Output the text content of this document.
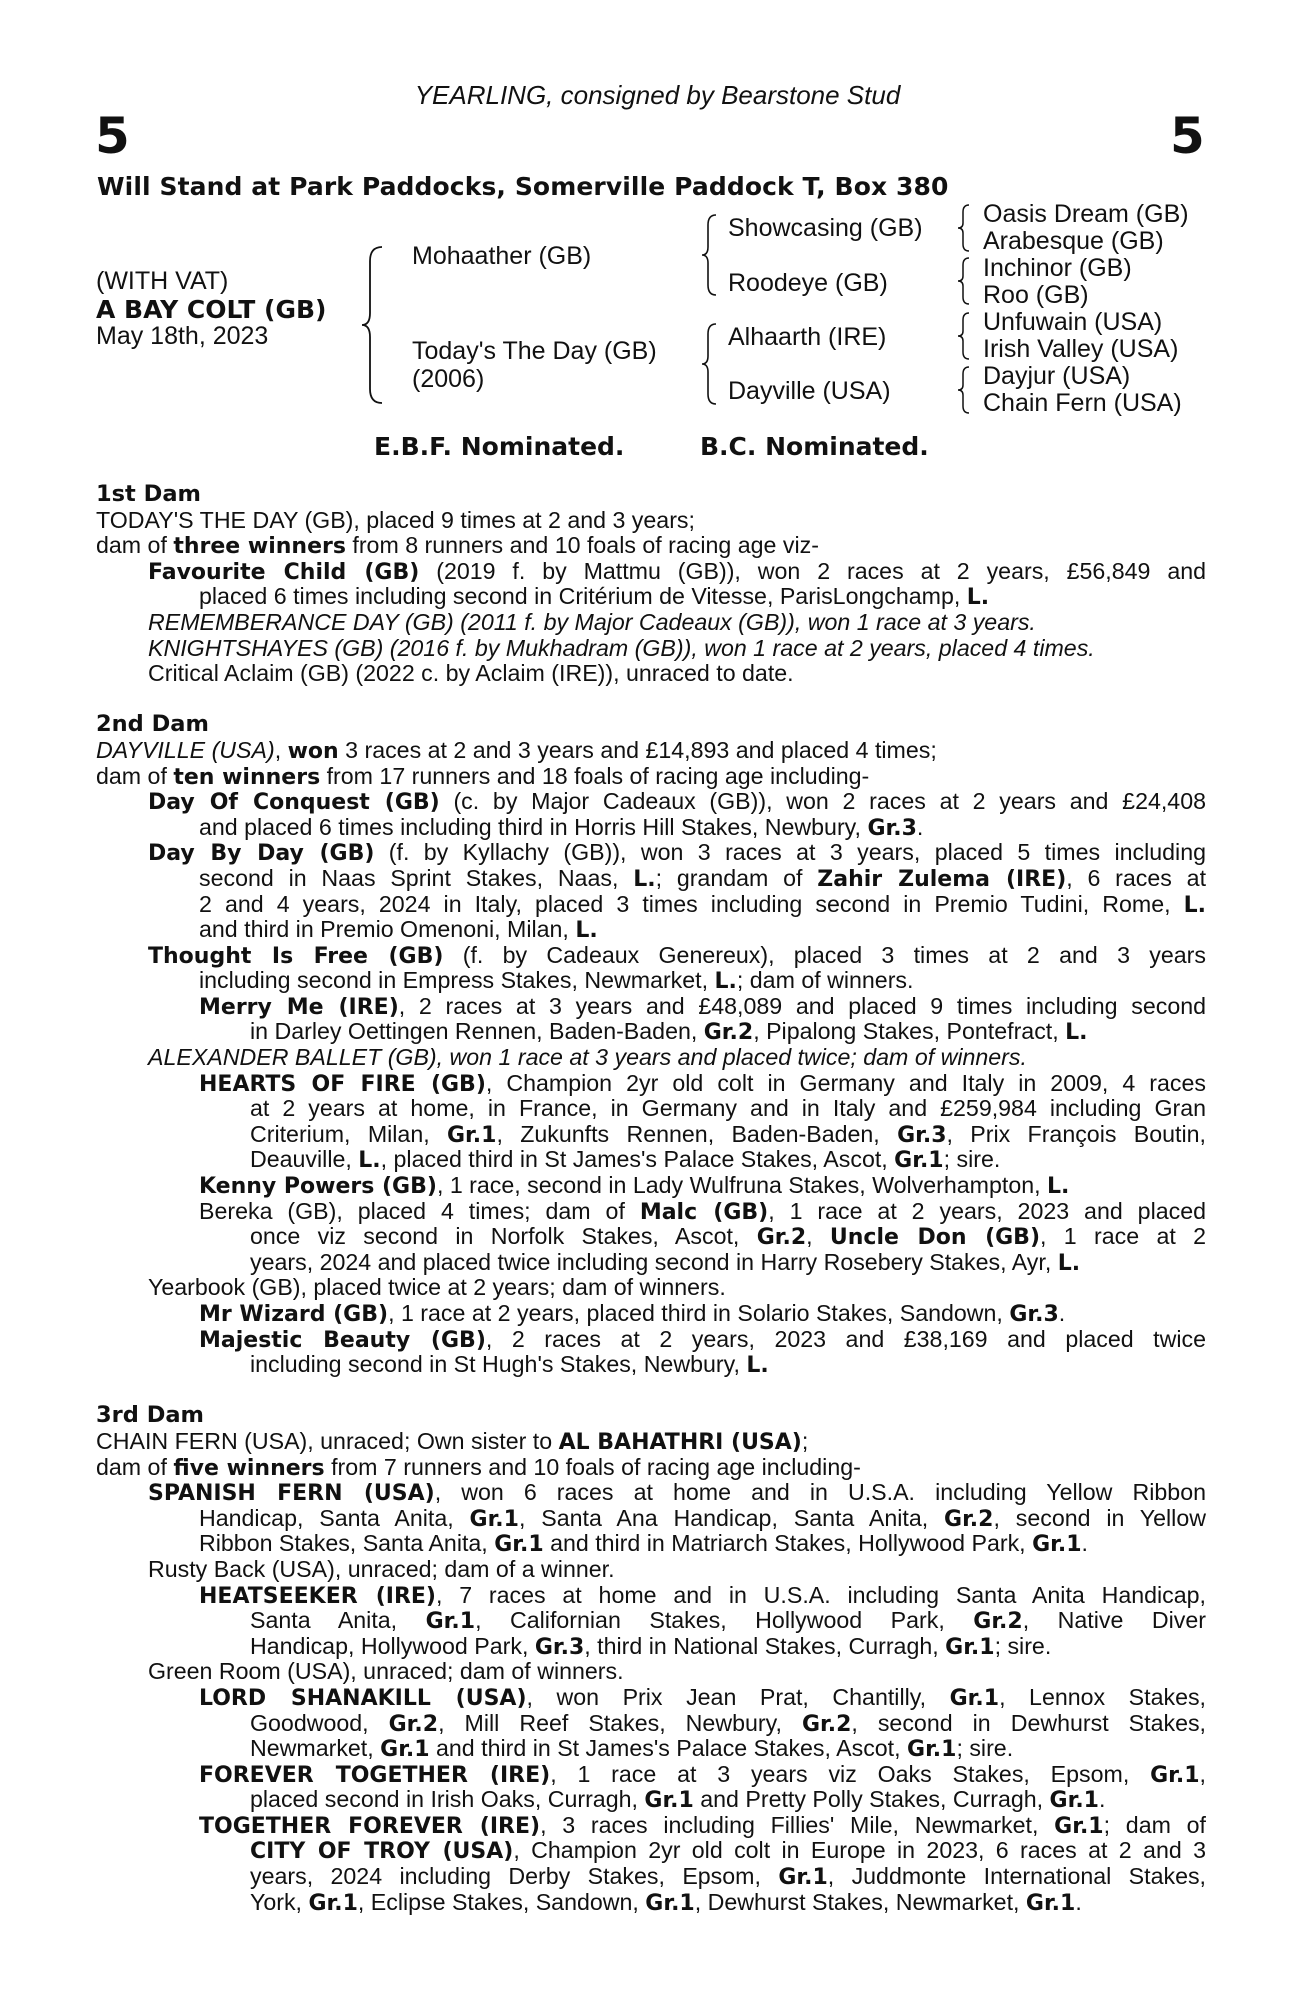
YEARLING, consigned by Bearstone Stud
5	5
Will Stand at Park Paddocks, Somerville Paddock T, Box 380
(WITH VAT)
A BAY COLT (GB)
May 18th, 2023
Mohaather (GB)
Today's The Day (GB)
(2006)
Showcasing (GB)
Roodeye (GB)
Alhaarth (IRE)
Dayville (USA)
Oasis Dream (GB)
Arabesque (GB)
Inchinor (GB)
Roo (GB)
Unfuwain (USA)
Irish Valley (USA)
Dayjur (USA)
Chain Fern (USA)
E.B.F. Nominated.	B.C. Nominated.
1st Dam
TODAY'S THE DAY (GB), placed 9 times at 2 and 3 years;
dam of three winners from 8 runners and 10 foals of racing age viz-
Favourite Child (GB) (2019 f. by Mattmu (GB)), won 2 races at 2 years, £56,849 and
placed 6 times including second in Critérium de Vitesse, ParisLongchamp, L.
REMEMBERANCE DAY (GB) (2011 f. by Major Cadeaux (GB)), won 1 race at 3 years.
KNIGHTSHAYES (GB) (2016 f. by Mukhadram (GB)), won 1 race at 2 years, placed 4 times.
Critical Aclaim (GB) (2022 c. by Aclaim (IRE)), unraced to date.
2nd Dam
DAYVILLE (USA), won 3 races at 2 and 3 years and £14,893 and placed 4 times;
dam of ten winners from 17 runners and 18 foals of racing age including-
Day Of Conquest (GB) (c. by Major Cadeaux (GB)), won 2 races at 2 years and £24,408
and placed 6 times including third in Horris Hill Stakes, Newbury, Gr.3.
Day By Day (GB) (f. by Kyllachy (GB)), won 3 races at 3 years, placed 5 times including
second in Naas Sprint Stakes, Naas, L.; grandam of Zahir Zulema (IRE), 6 races at
2 and 4 years, 2024 in Italy, placed 3 times including second in Premio Tudini, Rome, L.
and third in Premio Omenoni, Milan, L.
Thought Is Free (GB) (f. by Cadeaux Genereux), placed 3 times at 2 and 3 years
including second in Empress Stakes, Newmarket, L.; dam of winners.
Merry Me (IRE), 2 races at 3 years and £48,089 and placed 9 times including second
in Darley Oettingen Rennen, Baden-Baden, Gr.2, Pipalong Stakes, Pontefract, L.
ALEXANDER BALLET (GB), won 1 race at 3 years and placed twice; dam of winners.
HEARTS OF FIRE (GB), Champion 2yr old colt in Germany and Italy in 2009, 4 races
at 2 years at home, in France, in Germany and in Italy and £259,984 including Gran
Criterium, Milan, Gr.1, Zukunfts Rennen, Baden-Baden, Gr.3, Prix François Boutin,
Deauville, L., placed third in St James's Palace Stakes, Ascot, Gr.1; sire.
Kenny Powers (GB), 1 race, second in Lady Wulfruna Stakes, Wolverhampton, L.
Bereka (GB), placed 4 times; dam of Malc (GB), 1 race at 2 years, 2023 and placed
once viz second in Norfolk Stakes, Ascot, Gr.2, Uncle Don (GB), 1 race at 2
years, 2024 and placed twice including second in Harry Rosebery Stakes, Ayr, L.
Yearbook (GB), placed twice at 2 years; dam of winners.
Mr Wizard (GB), 1 race at 2 years, placed third in Solario Stakes, Sandown, Gr.3.
Majestic Beauty (GB), 2 races at 2 years, 2023 and £38,169 and placed twice
including second in St Hugh's Stakes, Newbury, L.
3rd Dam
CHAIN FERN (USA), unraced; Own sister to AL BAHATHRI (USA);
dam of five winners from 7 runners and 10 foals of racing age including-
SPANISH FERN (USA), won 6 races at home and in U.S.A. including Yellow Ribbon
Handicap, Santa Anita, Gr.1, Santa Ana Handicap, Santa Anita, Gr.2, second in Yellow
Ribbon Stakes, Santa Anita, Gr.1 and third in Matriarch Stakes, Hollywood Park, Gr.1.
Rusty Back (USA), unraced; dam of a winner.
HEATSEEKER (IRE), 7 races at home and in U.S.A. including Santa Anita Handicap,
Santa Anita, Gr.1, Californian Stakes, Hollywood Park, Gr.2, Native Diver
Handicap, Hollywood Park, Gr.3, third in National Stakes, Curragh, Gr.1; sire.
Green Room (USA), unraced; dam of winners.
LORD SHANAKILL (USA), won Prix Jean Prat, Chantilly, Gr.1, Lennox Stakes,
Goodwood, Gr.2, Mill Reef Stakes, Newbury, Gr.2, second in Dewhurst Stakes,
Newmarket, Gr.1 and third in St James's Palace Stakes, Ascot, Gr.1; sire.
FOREVER TOGETHER (IRE), 1 race at 3 years viz Oaks Stakes, Epsom, Gr.1,
placed second in Irish Oaks, Curragh, Gr.1 and Pretty Polly Stakes, Curragh, Gr.1.
TOGETHER FOREVER (IRE), 3 races including Fillies' Mile, Newmarket, Gr.1; dam of
CITY OF TROY (USA), Champion 2yr old colt in Europe in 2023, 6 races at 2 and 3
years, 2024 including Derby Stakes, Epsom, Gr.1, Juddmonte International Stakes,
York, Gr.1, Eclipse Stakes, Sandown, Gr.1, Dewhurst Stakes, Newmarket, Gr.1.
